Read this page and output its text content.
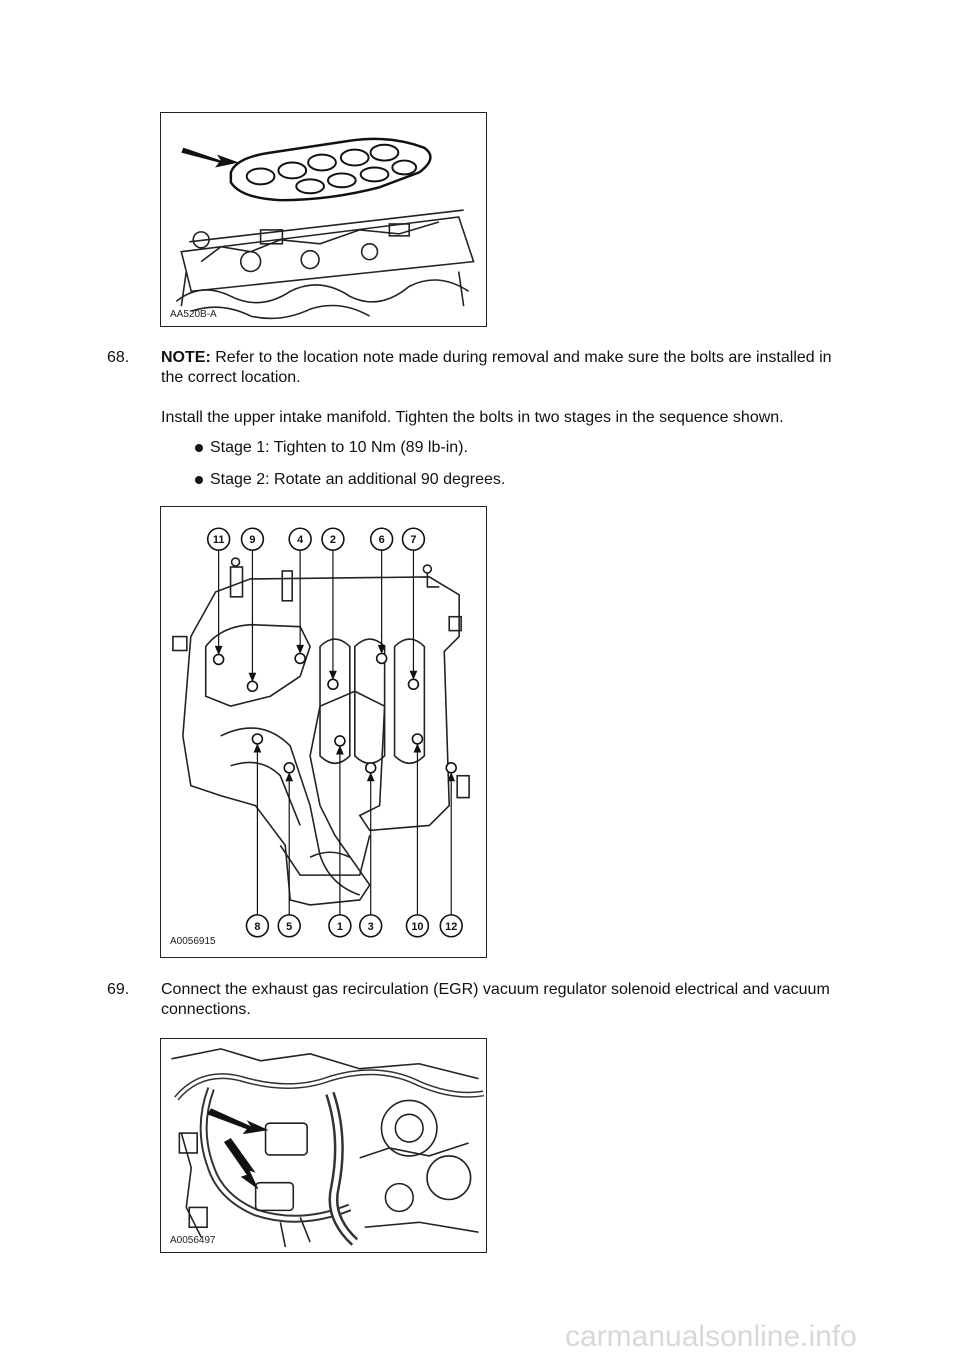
AA520B-A
68. NOTE: Refer to the location note made during removal and make sure the bolts are installed in the correct location.

Install the upper intake manifold. Tighten the bolts in two stages in the sequence shown.

Stage 1: Tighten to 10 Nm (89 lb-in).
Stage 2: Rotate an additional 90 degrees.
11 9	4 2	6 7
8 5	1 3	10 12
A0056915
69. Connect the exhaust gas recirculation (EGR) vacuum regulator solenoid electrical and vacuum connections.

A0056497
carmanualsonline.info
